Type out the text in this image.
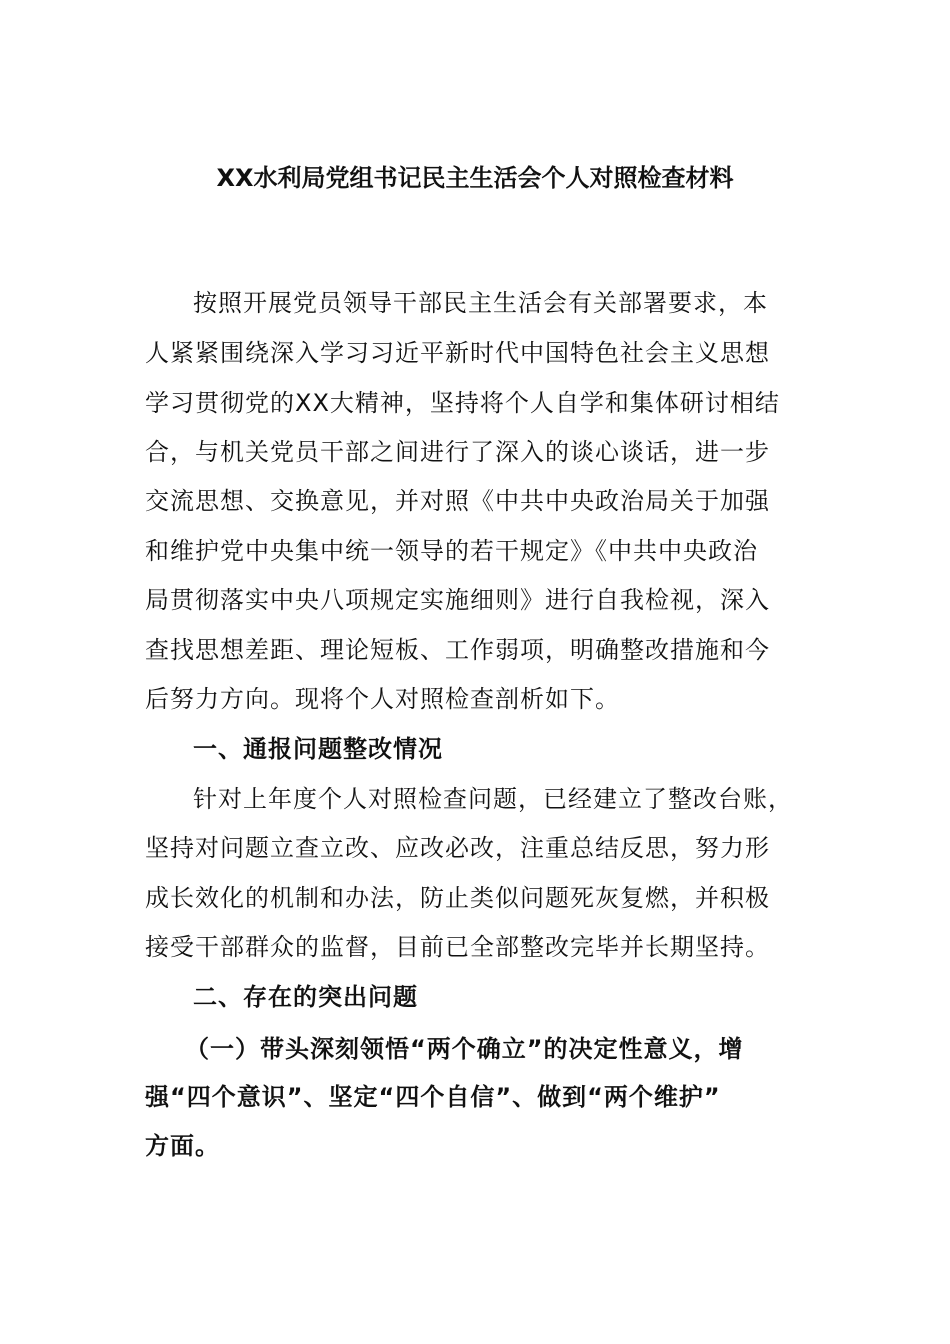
XX水利局党组书记民主生活会个人对照检查材料
按照开展党员领导干部民主生活会有关部署要求，本
人紧紧围绕深入学习习近平新时代中国特色社会主义思想
学习贯彻党的XX大精神，坚持将个人自学和集体研讨相结
合，与机关党员干部之间进行了深入的谈心谈话，进一步
交流思想、交换意见，并对照《中共中央政治局关于加强
和维护党中央集中统一领导的若干规定》《中共中央政治
局贯彻落实中央八项规定实施细则》进行自我检视，深入
查找思想差距、理论短板、工作弱项，明确整改措施和今
后努力方向。现将个人对照检查剖析如下。
一、通报问题整改情况
针对上年度个人对照检查问题，已经建立了整改台账，
坚持对问题立查立改、应改必改，注重总结反思，努力形
成长效化的机制和办法，防止类似问题死灰复燃，并积极
接受干部群众的监督，目前已全部整改完毕并长期坚持。
二、存在的突出问题
（一）带头深刻领悟“两个确立”的决定性意义，增
强“四个意识”、坚定“四个自信”、做到“两个维护”
方面。
